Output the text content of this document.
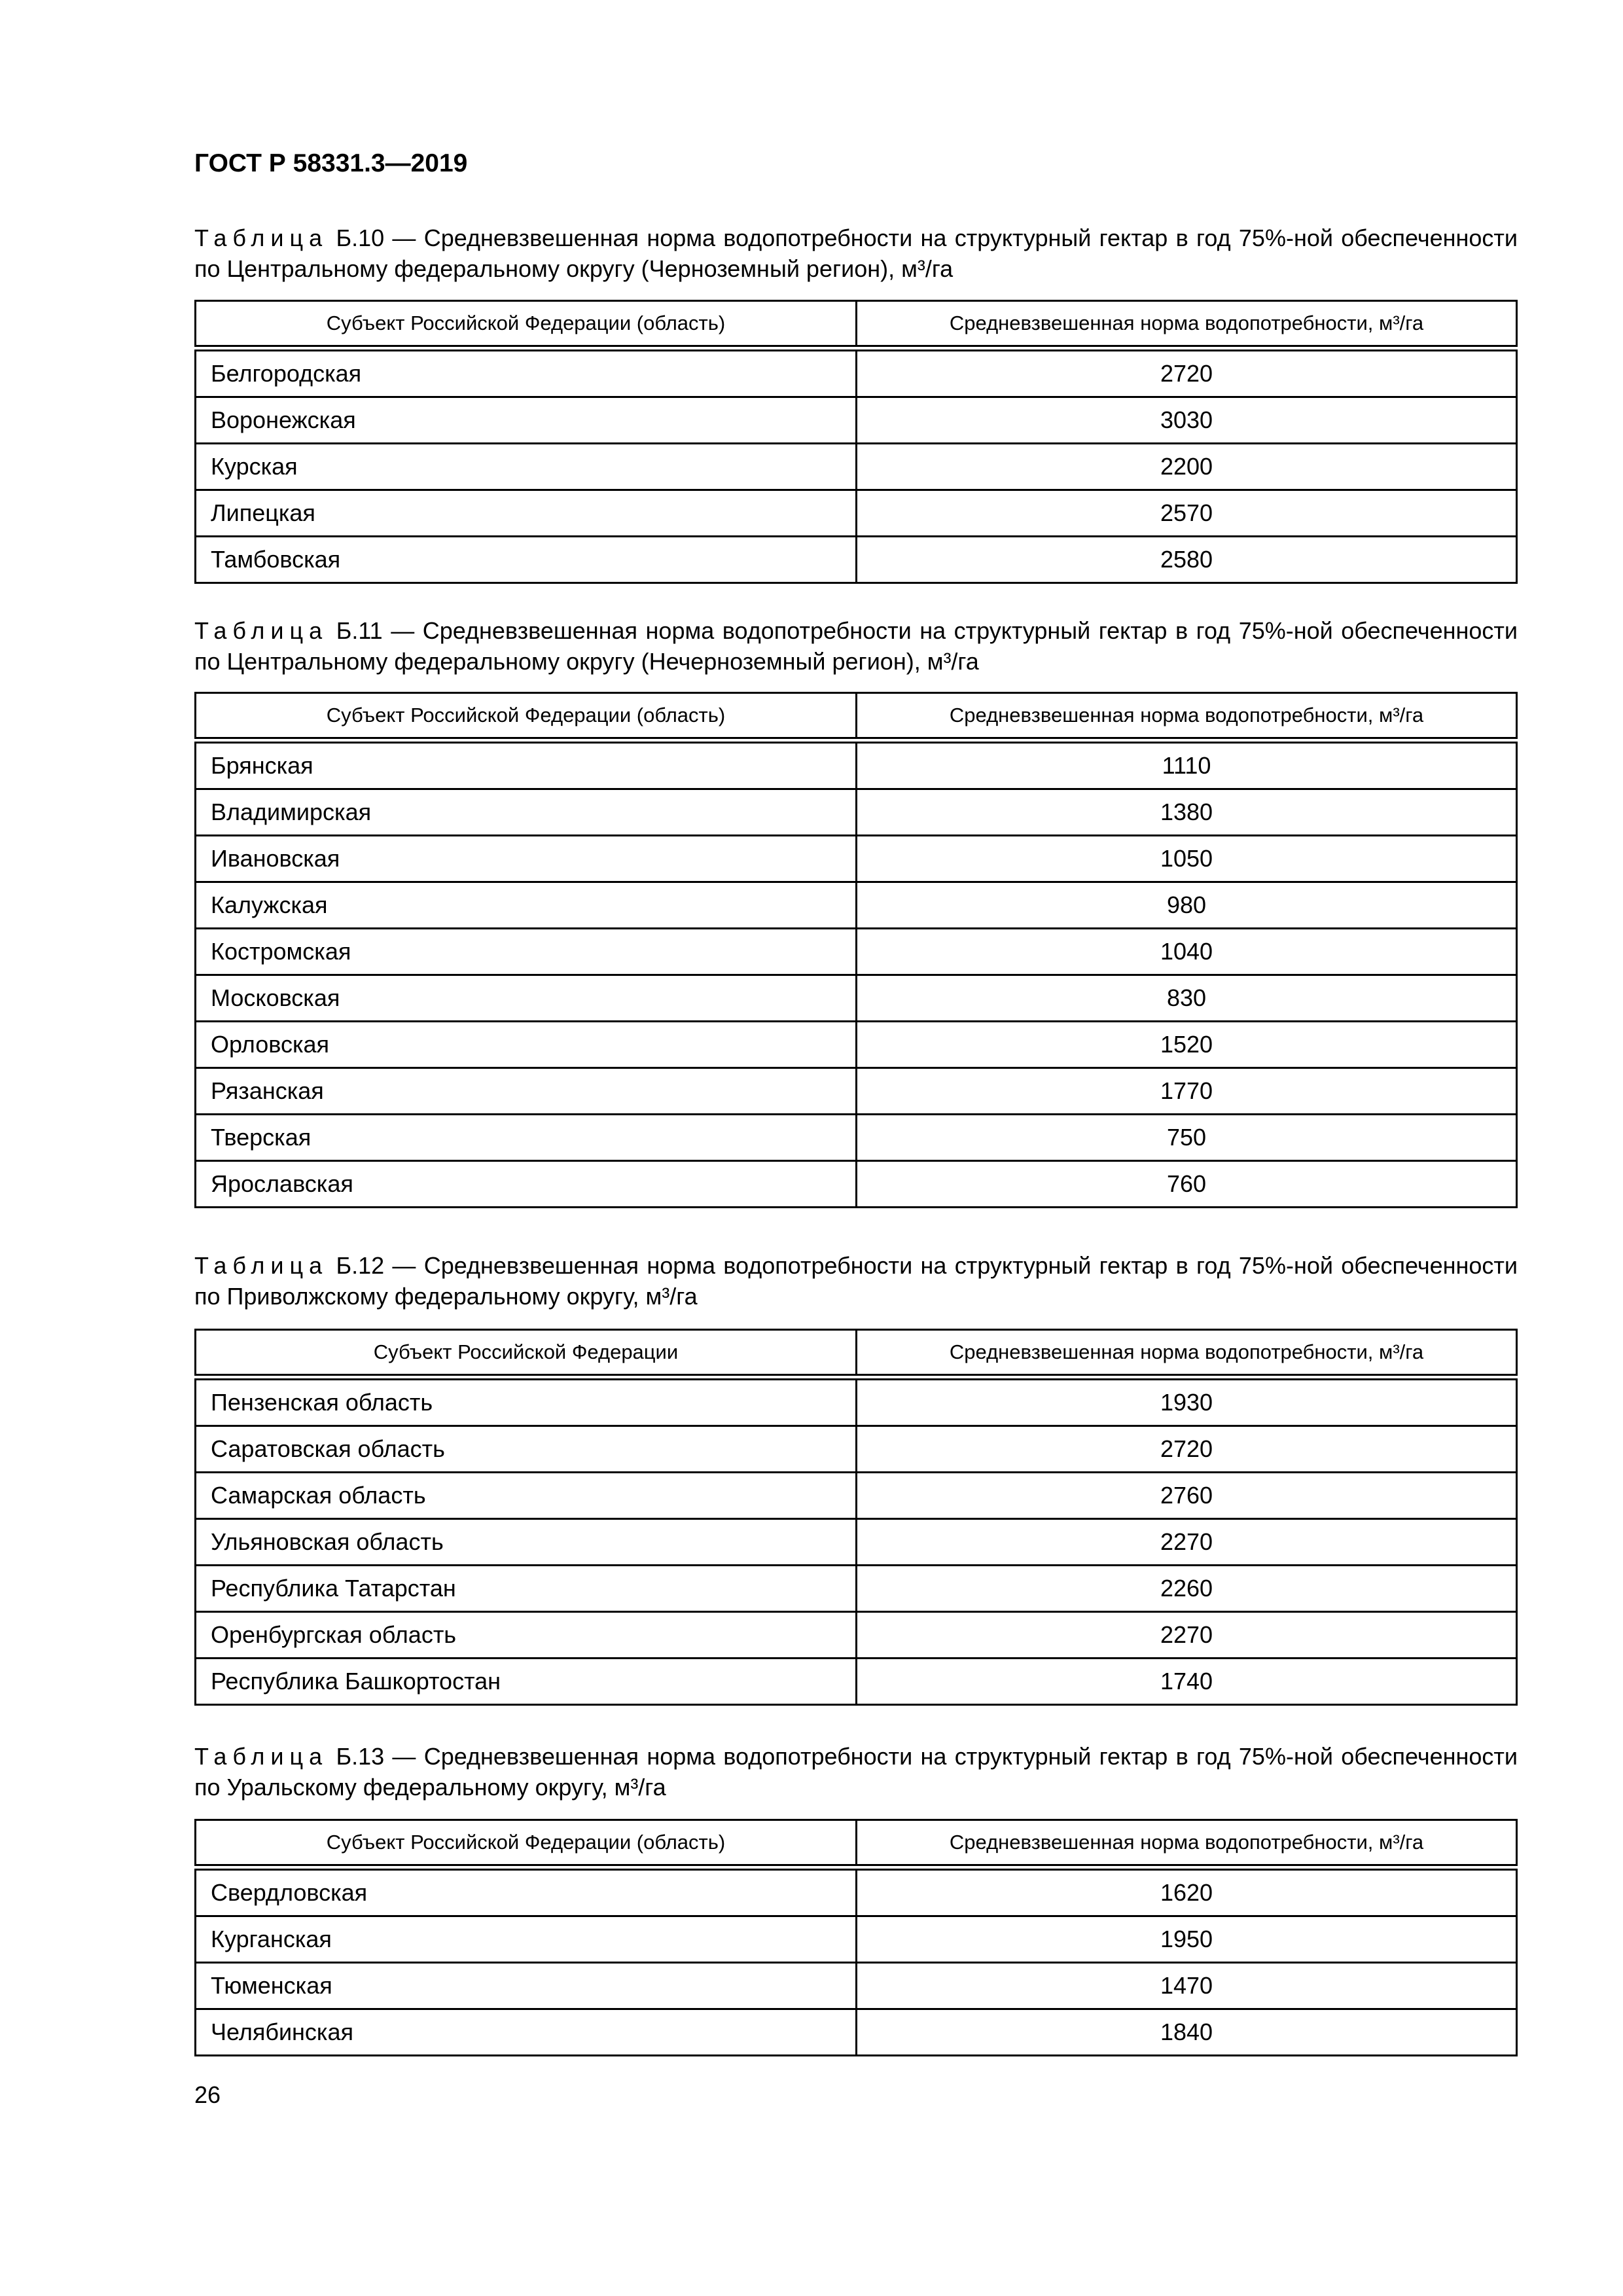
ГОСТ Р 58331.3—2019
Таблица Б.10 — Средневзвешенная норма водопотребности на структурный гектар в год 75%-ной обеспеченности по Центральному федеральному округу (Черноземный регион), м³/га
Субъект Российской Федерации (область)	Средневзвешенная норма водопотребности, м³/га
Белгородская	2720
Воронежская	3030
Курская	2200
Липецкая	2570
Тамбовская	2580
Таблица Б.11 — Средневзвешенная норма водопотребности на структурный гектар в год 75%-ной обеспеченности по Центральному федеральному округу (Нечерноземный регион), м³/га
Субъект Российской Федерации (область)	Средневзвешенная норма водопотребности, м³/га
Брянская	1110
Владимирская	1380
Ивановская	1050
Калужская	980
Костромская	1040
Московская	830
Орловская	1520
Рязанская	1770
Тверская	750
Ярославская	760
Таблица Б.12 — Средневзвешенная норма водопотребности на структурный гектар в год 75%-ной обеспеченности по Приволжскому федеральному округу, м³/га
Субъект Российской Федерации	Средневзвешенная норма водопотребности, м³/га
Пензенская область	1930
Саратовская область	2720
Самарская область	2760
Ульяновская область	2270
Республика Татарстан	2260
Оренбургская область	2270
Республика Башкортостан	1740
Таблица Б.13 — Средневзвешенная норма водопотребности на структурный гектар в год 75%-ной обеспеченности по Уральскому федеральному округу, м³/га
Субъект Российской Федерации (область)	Средневзвешенная норма водопотребности, м³/га
Свердловская	1620
Курганская	1950
Тюменская	1470
Челябинская	1840
26
